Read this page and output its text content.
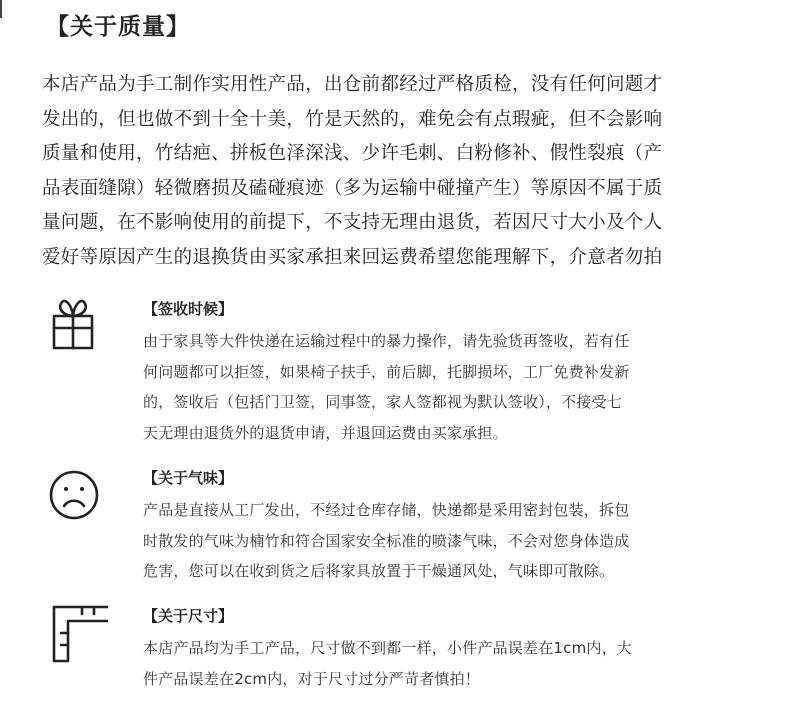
【关于质量】
本店产品为手工制作实用性产品，出仓前都经过严格质检，没有任何问题才
发出的，但也做不到十全十美，竹是天然的，难免会有点瑕疵，但不会影响
质量和使用，竹结疤、拼板色泽深浅、少许毛刺、白粉修补、假性裂痕（产
品表面缝隙）轻微磨损及磕碰痕迹（多为运输中碰撞产生）等原因不属于质
量问题，在不影响使用的前提下，不支持无理由退货，若因尺寸大小及个人
爱好等原因产生的退换货由买家承担来回运费希望您能理解下，介意者勿拍
【签收时候】
由于家具等大件快递在运输过程中的暴力操作，请先验货再签收，若有任
何问题都可以拒签，如果椅子扶手，前后脚，托脚损坏，工厂免费补发新
的，签收后（包括门卫签，同事签，家人签都视为默认签收），不接受七
天无理由退货外的退货申请，并退回运费由买家承担。
【关于气味】
产品是直接从工厂发出，不经过仓库存储，快递都是采用密封包装，拆包
时散发的气味为楠竹和符合国家安全标准的喷漆气味，不会对您身体造成
危害，您可以在收到货之后将家具放置于干燥通风处，气味即可散除。
【关于尺寸】
本店产品均为手工产品，尺寸做不到都一样，小件产品误差在1cm内，大
件产品误差在2cm内，对于尺寸过分严苛者慎拍！
